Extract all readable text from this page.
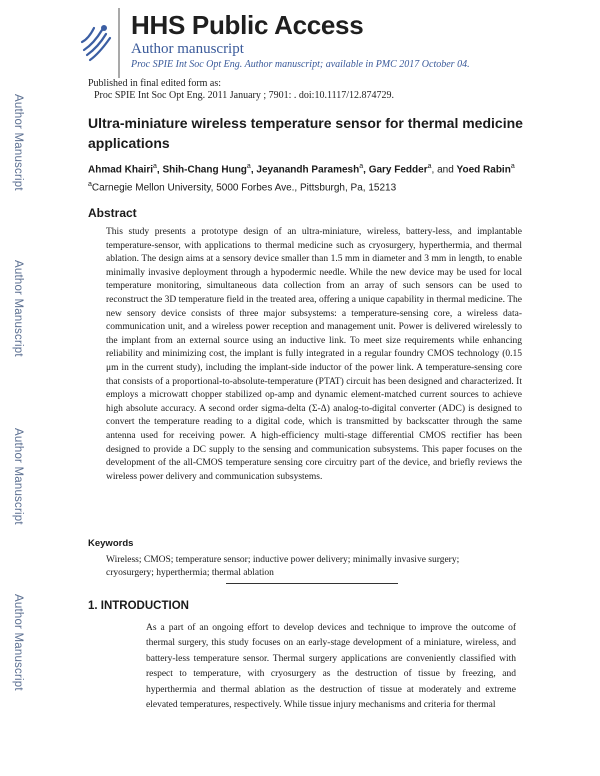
Author Manuscript
Author Manuscript
Author Manuscript
Author Manuscript
HHS Public Access
Author manuscript
Proc SPIE Int Soc Opt Eng. Author manuscript; available in PMC 2017 October 04.
Published in final edited form as:
Proc SPIE Int Soc Opt Eng. 2011 January ; 7901: . doi:10.1117/12.874729.
Ultra-miniature wireless temperature sensor for thermal medicine applications
Ahmad Khairi$^a$, Shih-Chang Hung$^a$, Jeyanandh Paramesh$^a$, Gary Fedder$^a$, and Yoed Rabin$^a$
$^a$Carnegie Mellon University, 5000 Forbes Ave., Pittsburgh, Pa, 15213
Abstract
This study presents a prototype design of an ultra-miniature, wireless, battery-less, and implantable temperature-sensor, with applications to thermal medicine such as cryosurgery, hyperthermia, and thermal ablation. The design aims at a sensory device smaller than 1.5 mm in diameter and 3 mm in length, to enable minimally invasive deployment through a hypodermic needle. While the new device may be used for local temperature monitoring, simultaneous data collection from an array of such sensors can be used to reconstruct the 3D temperature field in the treated area, offering a unique capability in thermal medicine. The new sensory device consists of three major subsystems: a temperature-sensing core, a wireless data-communication unit, and a wireless power reception and management unit. Power is delivered wirelessly to the implant from an external source using an inductive link. To meet size requirements while enhancing reliability and minimizing cost, the implant is fully integrated in a regular foundry CMOS technology (0.15 μm in the current study), including the implant-side inductor of the power link. A temperature-sensing core that consists of a proportional-to-absolute-temperature (PTAT) circuit has been designed and characterized. It employs a microwatt chopper stabilized op-amp and dynamic element-matched current sources to achieve high absolute accuracy. A second order sigma-delta (Σ-Δ) analog-to-digital converter (ADC) is designed to convert the temperature reading to a digital code, which is transmitted by backscatter through the same antenna used for receiving power. A high-efficiency multi-stage differential CMOS rectifier has been designed to provide a DC supply to the sensing and communication subsystems. This paper focuses on the development of the all-CMOS temperature sensing core circuitry part of the device, and briefly reviews the wireless power delivery and communication subsystems.
Keywords
Wireless; CMOS; temperature sensor; inductive power delivery; minimally invasive surgery; cryosurgery; hyperthermia; thermal ablation
1. INTRODUCTION
As a part of an ongoing effort to develop devices and technique to improve the outcome of thermal surgery, this study focuses on an early-stage development of a miniature, wireless, and battery-less temperature sensor. Thermal surgery applications are conveniently classified with respect to temperature, with cryosurgery as the destruction of tissue by freezing, and hyperthermia and thermal ablation as the destruction of tissue at moderately and extreme elevated temperatures, respectively. While tissue injury mechanisms and criteria for thermal
